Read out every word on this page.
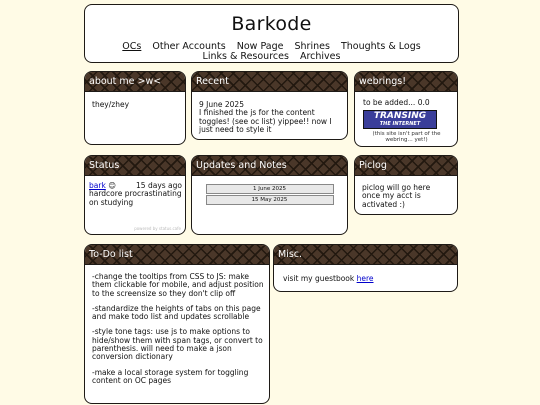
Barkode
OCs Other Accounts Now Page Shrines Thoughts & Logs Links & Resources Archives
about me >w<
they/zhey
Recent
9 June 2025
I finished the js for the content toggles! (see oc list) yippee!! now I just need to style it
webrings!
to be added... 0.0
TRANSING
THE INTERNET
(this site isn't part of the webring... yet!)
Status
bark 😊	15 days ago
hardcore procrastinating on studying
powered by status.cafe
Updates and Notes
1 June 2025
15 May 2025
Piclog
piclog will go here once my acct is activated :)
To-Do list

-change the tooltips from CSS to JS: make them clickable for mobile, and adjust position to the screensize so they don't clip off

-standardize the heights of tabs on this page and make todo list and updates scrollable

-style tone tags: use js to make options to hide/show them with span tags, or convert to parenthesis. will need to make a json conversion dictionary

-make a local storage system for toggling content on OC pages

Misc.
visit my guestbook here
